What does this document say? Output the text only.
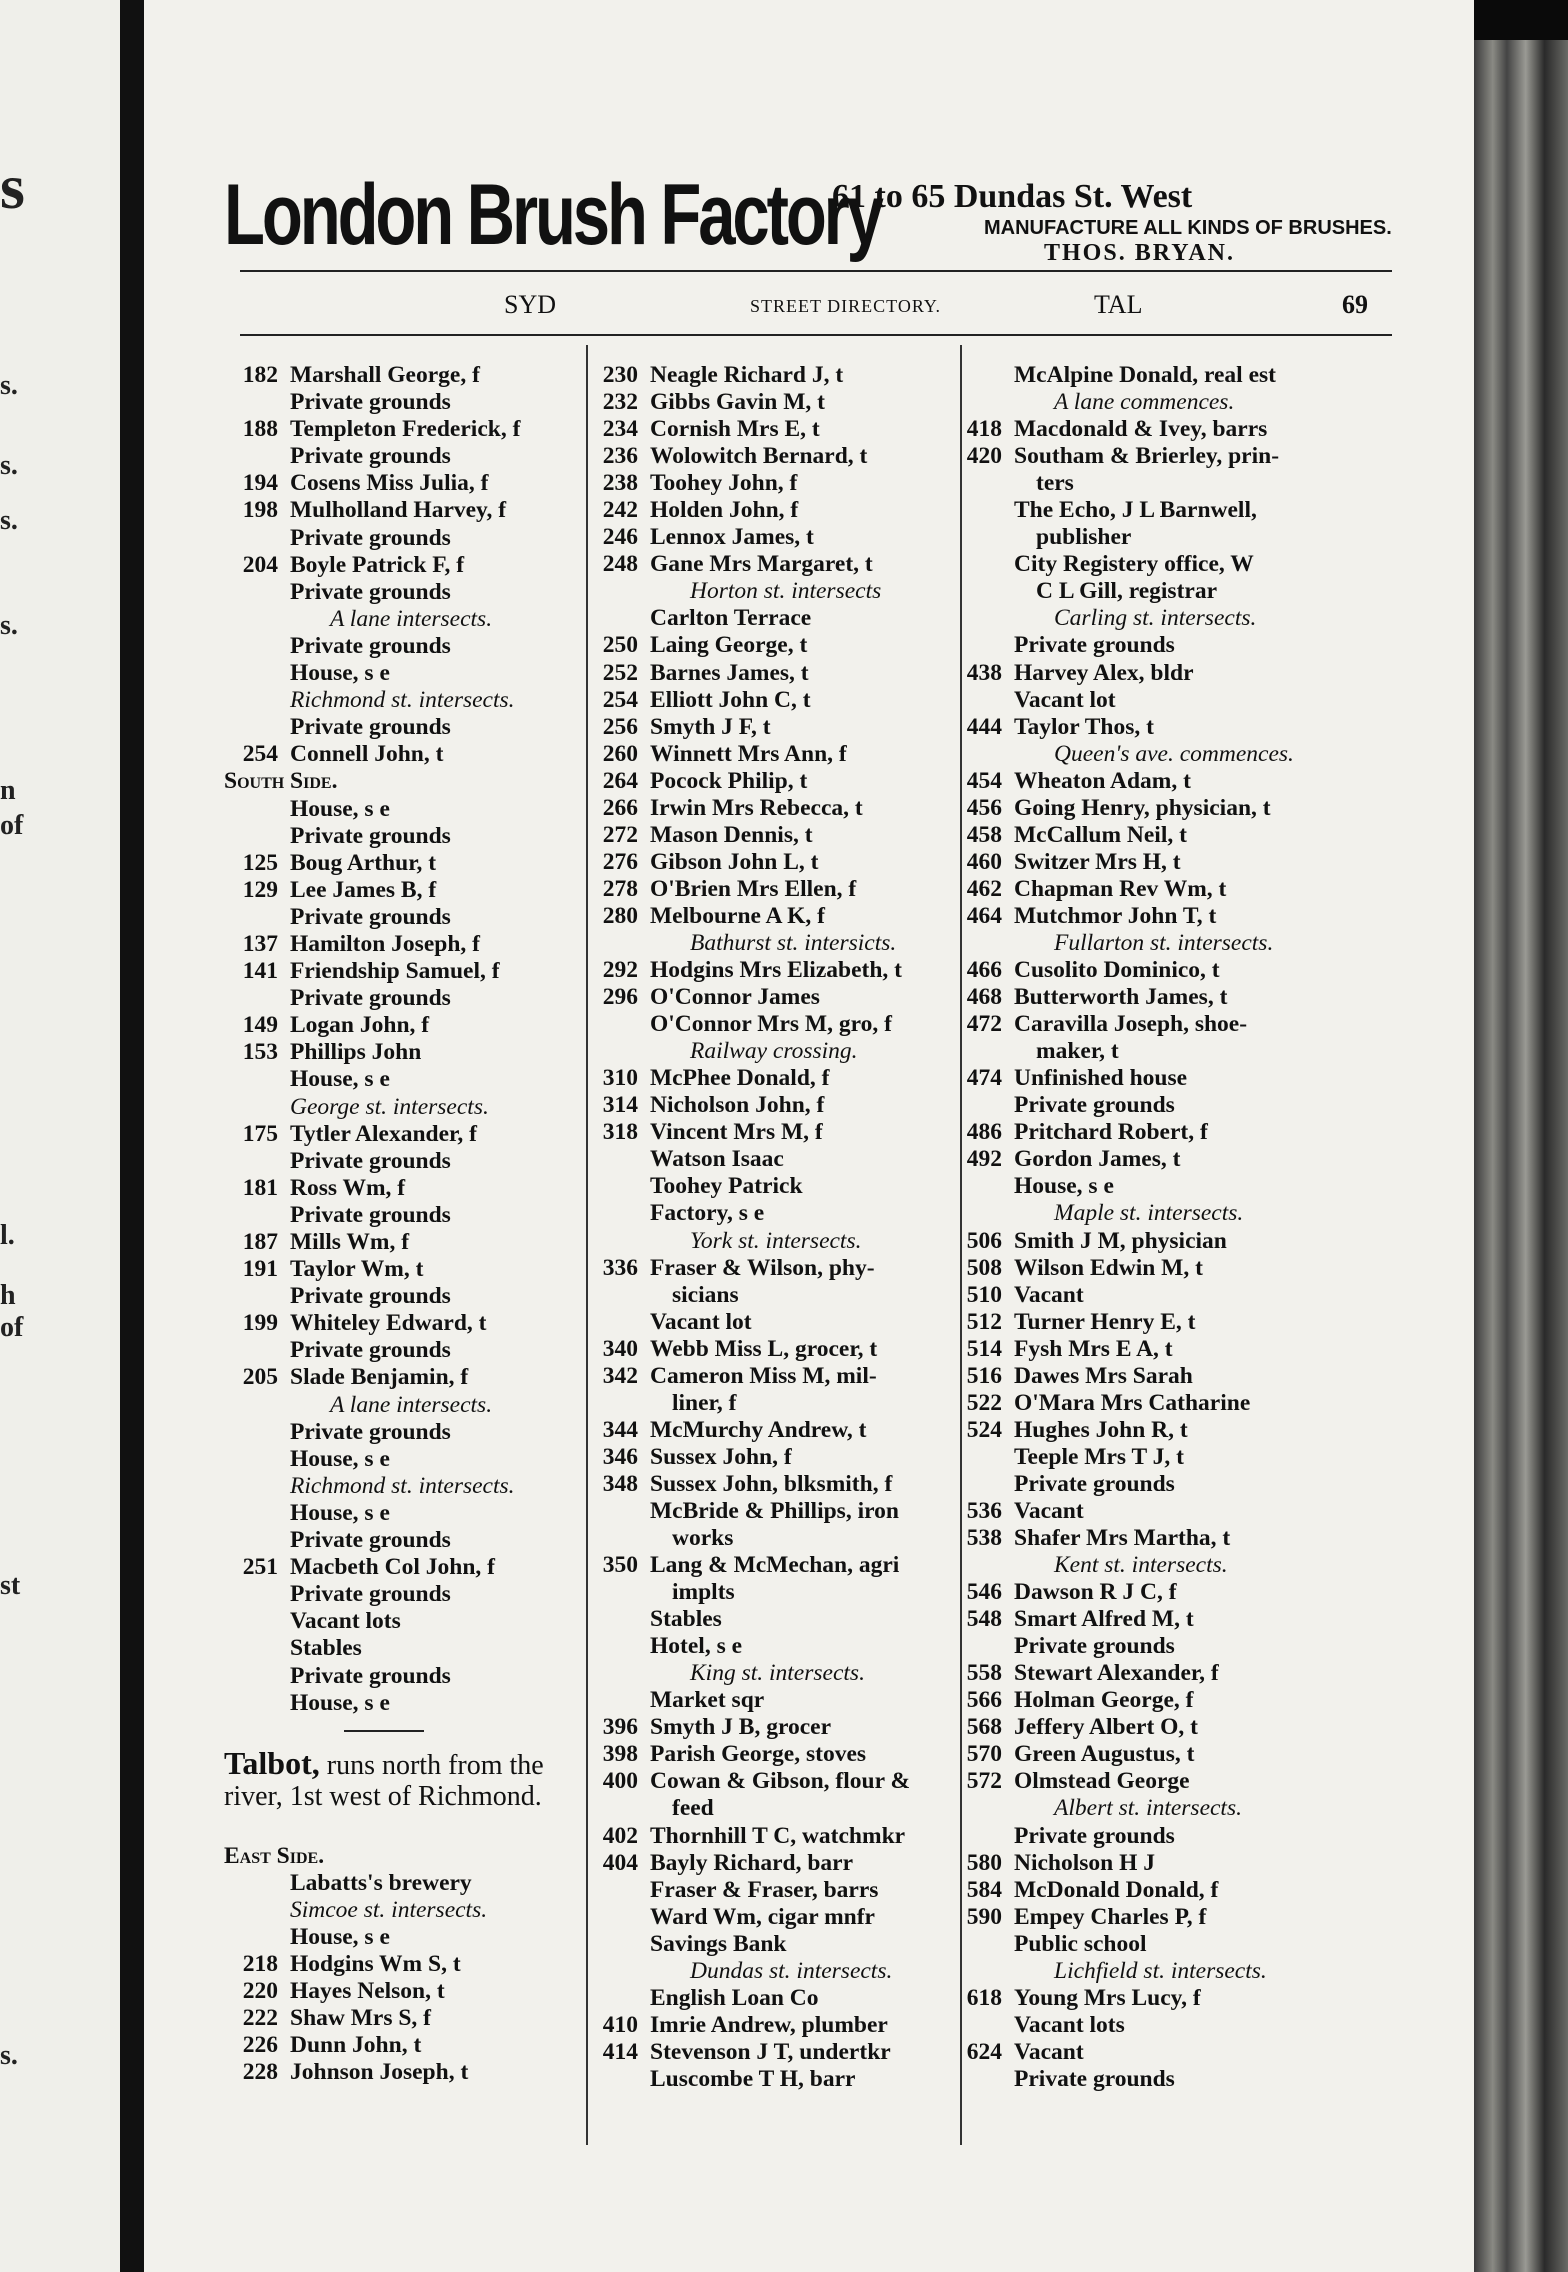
s
s.
s.
s.
s.
n
of
l.
h
of
st
s.
London Brush Factory
61 to 65 Dundas St. West
MANUFACTURE ALL KINDS OF BRUSHES.
THOS. BRYAN.
SYD	STREET DIRECTORY.	TAL	69
182 Marshall George, f
Private grounds
188 Templeton Frederick, f
Private grounds
194 Cosens Miss Julia, f
198 Mulholland Harvey, f
Private grounds
204 Boyle Patrick F, f
Private grounds
A lane intersects.
Private grounds
House, s e
Richmond st. intersects.
Private grounds
254 Connell John, t
South Side.
House, s e
Private grounds
125 Boug Arthur, t
129 Lee James B, f
Private grounds
137 Hamilton Joseph, f
141 Friendship Samuel, f
Private grounds
149 Logan John, f
153 Phillips John
House, s e
George st. intersects.
175 Tytler Alexander, f
Private grounds
181 Ross Wm, f
Private grounds
187 Mills Wm, f
191 Taylor Wm, t
Private grounds
199 Whiteley Edward, t
Private grounds
205 Slade Benjamin, f
A lane intersects.
Private grounds
House, s e
Richmond st. intersects.
House, s e
Private grounds
251 Macbeth Col John, f
Private grounds
Vacant lots
Stables
Private grounds
House, s e
Talbot, runs north from the river, 1st west of Richmond.
East Side.
Labatts's brewery
Simcoe st. intersects.
House, s e
218 Hodgins Wm S, t
220 Hayes Nelson, t
222 Shaw Mrs S, f
226 Dunn John, t
228 Johnson Joseph, t
230 Neagle Richard J, t
232 Gibbs Gavin M, t
234 Cornish Mrs E, t
236 Wolowitch Bernard, t
238 Toohey John, f
242 Holden John, f
246 Lennox James, t
248 Gane Mrs Margaret, t
Horton st. intersects
Carlton Terrace
250 Laing George, t
252 Barnes James, t
254 Elliott John C, t
256 Smyth J F, t
260 Winnett Mrs Ann, f
264 Pocock Philip, t
266 Irwin Mrs Rebecca, t
272 Mason Dennis, t
276 Gibson John L, t
278 O'Brien Mrs Ellen, f
280 Melbourne A K, f
Bathurst st. intersicts.
292 Hodgins Mrs Elizabeth, t
296 O'Connor James
O'Connor Mrs M, gro, f
Railway crossing.
310 McPhee Donald, f
314 Nicholson John, f
318 Vincent Mrs M, f
Watson Isaac
Toohey Patrick
Factory, s e
York st. intersects.
336 Fraser & Wilson, phy-
sicians
Vacant lot
340 Webb Miss L, grocer, t
342 Cameron Miss M, mil-
liner, f
344 McMurchy Andrew, t
346 Sussex John, f
348 Sussex John, blksmith, f
McBride & Phillips, iron
works
350 Lang & McMechan, agri
implts
Stables
Hotel, s e
King st. intersects.
Market sqr
396 Smyth J B, grocer
398 Parish George, stoves
400 Cowan & Gibson, flour &
feed
402 Thornhill T C, watchmkr
404 Bayly Richard, barr
Fraser & Fraser, barrs
Ward Wm, cigar mnfr
Savings Bank
Dundas st. intersects.
English Loan Co
410 Imrie Andrew, plumber
414 Stevenson J T, undertkr
Luscombe T H, barr
McAlpine Donald, real est
A lane commences.
418 Macdonald & Ivey, barrs
420 Southam & Brierley, prin-
ters
The Echo, J L Barnwell,
publisher
City Registery office, W
C L Gill, registrar
Carling st. intersects.
Private grounds
438 Harvey Alex, bldr
Vacant lot
444 Taylor Thos, t
Queen's ave. commences.
454 Wheaton Adam, t
456 Going Henry, physician, t
458 McCallum Neil, t
460 Switzer Mrs H, t
462 Chapman Rev Wm, t
464 Mutchmor John T, t
Fullarton st. intersects.
466 Cusolito Dominico, t
468 Butterworth James, t
472 Caravilla Joseph, shoe-
maker, t
474 Unfinished house
Private grounds
486 Pritchard Robert, f
492 Gordon James, t
House, s e
Maple st. intersects.
506 Smith J M, physician
508 Wilson Edwin M, t
510 Vacant
512 Turner Henry E, t
514 Fysh Mrs E A, t
516 Dawes Mrs Sarah
522 O'Mara Mrs Catharine
524 Hughes John R, t
Teeple Mrs T J, t
Private grounds
536 Vacant
538 Shafer Mrs Martha, t
Kent st. intersects.
546 Dawson R J C, f
548 Smart Alfred M, t
Private grounds
558 Stewart Alexander, f
566 Holman George, f
568 Jeffery Albert O, t
570 Green Augustus, t
572 Olmstead George
Albert st. intersects.
Private grounds
580 Nicholson H J
584 McDonald Donald, f
590 Empey Charles P, f
Public school
Lichfield st. intersects.
618 Young Mrs Lucy, f
Vacant lots
624 Vacant
Private grounds
